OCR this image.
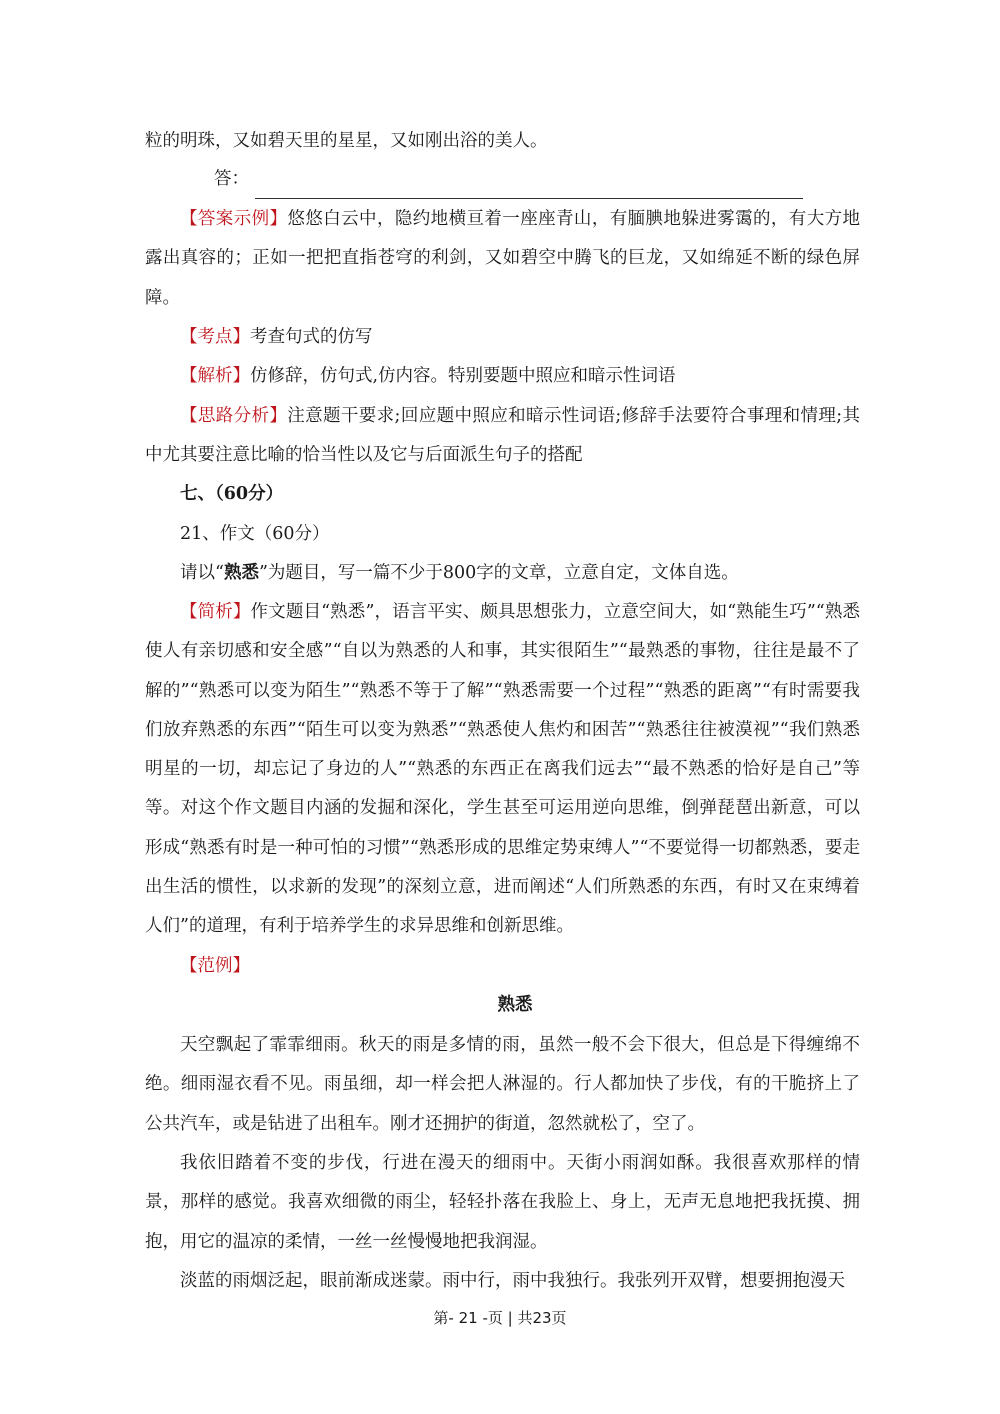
粒的明珠，又如碧天里的星星，又如刚出浴的美人。

答：

【答案示例】悠悠白云中，隐约地横亘着一座座青山，有腼腆地躲进雾霭的，有大方地露出真容的；正如一把把直指苍穹的利剑，又如碧空中腾飞的巨龙，又如绵延不断的绿色屏障。

【考点】考查句式的仿写

【解析】仿修辞，仿句式,仿内容。特别要题中照应和暗示性词语

【思路分析】注意题干要求;回应题中照应和暗示性词语;修辞手法要符合事理和情理;其中尤其要注意比喻的恰当性以及它与后面派生句子的搭配

七、（60分）

21、作文（60分）

请以“熟悉”为题目，写一篇不少于800字的文章，立意自定，文体自选。

【简析】作文题目“熟悉”，语言平实、颇具思想张力，立意空间大，如“熟能生巧”“熟悉使人有亲切感和安全感”“自以为熟悉的人和事，其实很陌生”“最熟悉的事物，往往是最不了解的”“熟悉可以变为陌生”“熟悉不等于了解”“熟悉需要一个过程”“熟悉的距离”“有时需要我们放弃熟悉的东西”“陌生可以变为熟悉”“熟悉使人焦灼和困苦”“熟悉往往被漠视”“我们熟悉明星的一切，却忘记了身边的人”“熟悉的东西正在离我们远去”“最不熟悉的恰好是自己”等等。对这个作文题目内涵的发掘和深化，学生甚至可运用逆向思维，倒弹琵琶出新意，可以形成“熟悉有时是一种可怕的习惯”“熟悉形成的思维定势束缚人”“不要觉得一切都熟悉，要走出生活的惯性，以求新的发现”的深刻立意，进而阐述“人们所熟悉的东西，有时又在束缚着人们”的道理，有利于培养学生的求异思维和创新思维。

【范例】

熟悉

天空飘起了霏霏细雨。秋天的雨是多情的雨，虽然一般不会下很大，但总是下得缠绵不绝。细雨湿衣看不见。雨虽细，却一样会把人淋湿的。行人都加快了步伐，有的干脆挤上了公共汽车，或是钻进了出租车。刚才还拥护的街道，忽然就松了，空了。

我依旧踏着不变的步伐，行进在漫天的细雨中。天街小雨润如酥。我很喜欢那样的情景，那样的感觉。我喜欢细微的雨尘，轻轻扑落在我脸上、身上，无声无息地把我抚摸、拥抱，用它的温凉的柔情，一丝一丝慢慢地把我润湿。

淡蓝的雨烟泛起，眼前渐成迷蒙。雨中行，雨中我独行。我张列开双臂，想要拥抱漫天

第- 21 -页 | 共23页
